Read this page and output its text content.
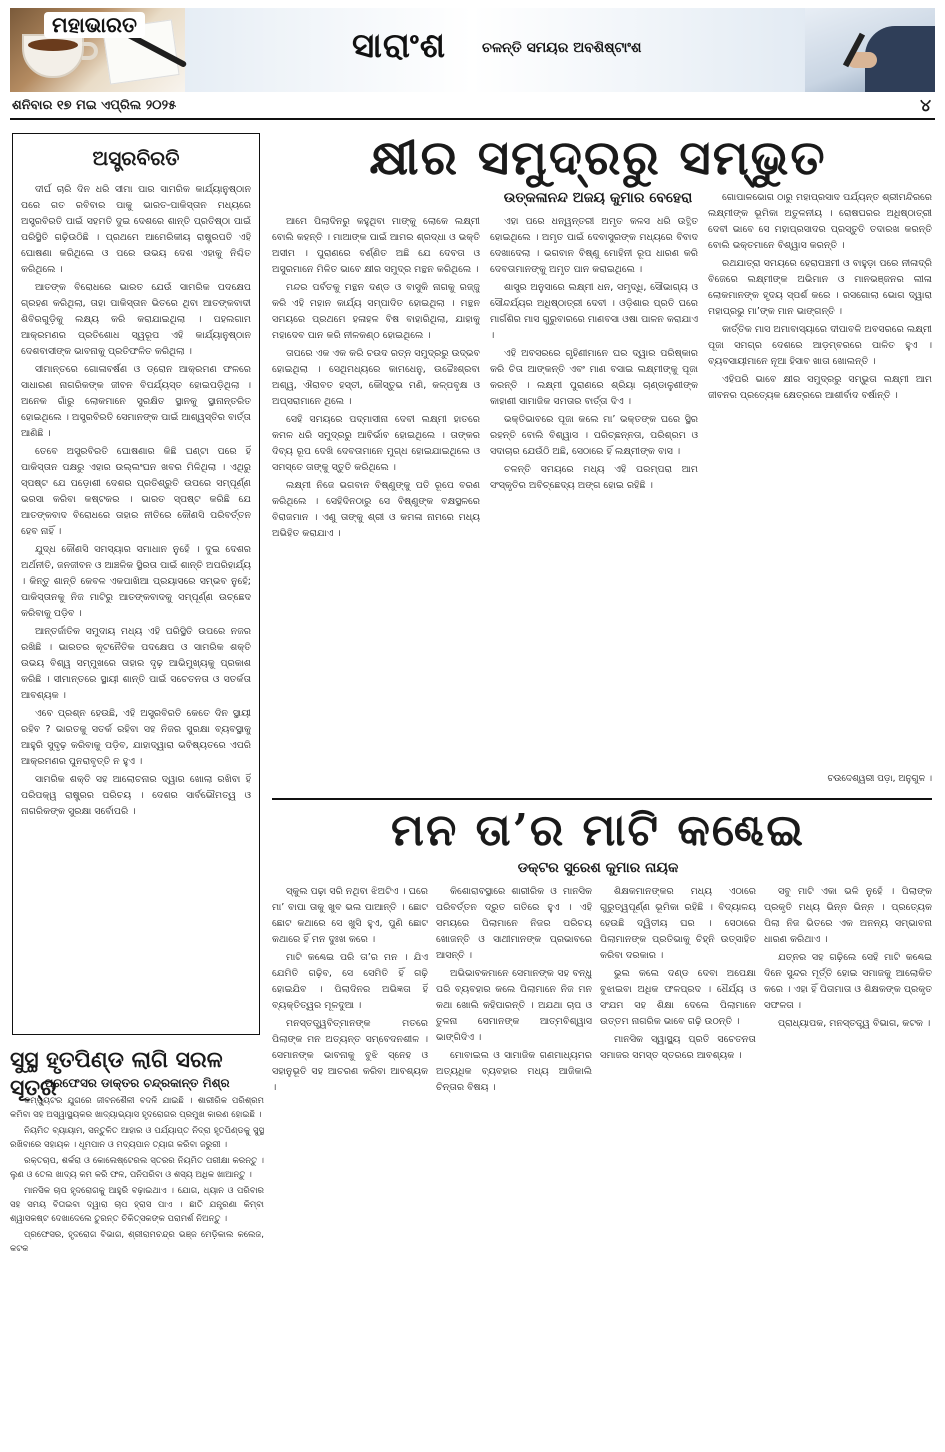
ମହାଭାରତ
ସାରାଂଶ	ଚଳନ୍ତି ସମୟର ଅବଶିଷ୍ଟାଂଶ
ଶନିବାର ୧୭ ମଇ ଏପ୍ରିଲ ୨୦୨୫	୪
ଅସ୍ତ୍ରବିରତି

ଦୀର୍ଘ ଚାରି ଦିନ ଧରି ସୀମା ପାର ସାମରିକ କାର୍ଯ୍ୟାନୁଷ୍ଠାନ ପରେ ଗତ ରବିବାର ପାକୁ ଭାରତ-ପାକିସ୍ତାନ ମଧ୍ୟରେ ଅସ୍ତ୍ରବିରତି ପାଇଁ ସହମତି ଦୁଇ ଦେଶରେ ଶାନ୍ତି ପ୍ରତିଷ୍ଠା ପାଇଁ ପରିସ୍ଥିତି ଗଢ଼ିଉଠିଛି । ପ୍ରଥମେ ଆମେରିକୀୟ ରାଷ୍ଟ୍ରପତି ଏହି ଘୋଷଣା କରିଥିଲେ ଓ ପରେ ଉଭୟ ଦେଶ ଏହାକୁ ନିଶ୍ଚିତ କରିଥିଲେ ।

ଆତଙ୍କ ବିରୋଧରେ ଭାରତ ଯେଉଁ ସାମରିକ ପଦକ୍ଷେପ ଗ୍ରହଣ କରିଥିଲା, ତାହା ପାକିସ୍ତାନ ଭିତରେ ଥିବା ଆତଙ୍କବାଦୀ ଶିବିରଗୁଡ଼ିକୁ ଲକ୍ଷ୍ୟ କରି କରାଯାଇଥିଲା । ପହଲଗାମ ଆକ୍ରମଣର ପ୍ରତିଶୋଧ ସ୍ୱରୂପ ଏହି କାର୍ଯ୍ୟାନୁଷ୍ଠାନ ଦେଶବାସୀଙ୍କ ଭାବନାକୁ ପ୍ରତିଫଳିତ କରିଥିଲା ।

ସୀମାନ୍ତରେ ଗୋଳାବର୍ଷଣ ଓ ଡ୍ରୋନ ଆକ୍ରମଣ ଫଳରେ ସାଧାରଣ ନାଗରିକଙ୍କ ଜୀବନ ବିପର୍ଯ୍ୟସ୍ତ ହୋଇପଡ଼ିଥିଲା । ଅନେକ ଗାଁରୁ ଲୋକମାନେ ସୁରକ୍ଷିତ ସ୍ଥାନକୁ ସ୍ଥାନାନ୍ତରିତ ହୋଇଥିଲେ । ଅସ୍ତ୍ରବିରତି ସେମାନଙ୍କ ପାଇଁ ଆଶ୍ୱସ୍ତିର ବାର୍ତ୍ତା ଆଣିଛି ।

ତେବେ ଅସ୍ତ୍ରବିରତି ଘୋଷଣାର କିଛି ଘଣ୍ଟା ପରେ ହିଁ ପାକିସ୍ତାନ ପକ୍ଷରୁ ଏହାର ଉଲ୍ଲଂଘନ ଖବର ମିଳିଥିଲା । ଏଥିରୁ ସ୍ପଷ୍ଟ ଯେ ପଡ଼ୋଶୀ ଦେଶର ପ୍ରତିଶ୍ରୁତି ଉପରେ ସମ୍ପୂର୍ଣ୍ଣ ଭରସା କରିବା କଷ୍ଟକର । ଭାରତ ସ୍ପଷ୍ଟ କରିଛି ଯେ ଆତଙ୍କବାଦ ବିରୋଧରେ ତାହାର ନୀତିରେ କୌଣସି ପରିବର୍ତ୍ତନ ହେବ ନାହିଁ ।

ଯୁଦ୍ଧ କୌଣସି ସମସ୍ୟାର ସମାଧାନ ନୁହେଁ । ଦୁଇ ଦେଶର ଅର୍ଥନୀତି, ଜନଜୀବନ ଓ ଆଞ୍ଚଳିକ ସ୍ଥିରତା ପାଇଁ ଶାନ୍ତି ଅପରିହାର୍ଯ୍ୟ । କିନ୍ତୁ ଶାନ୍ତି କେବଳ ଏକପାଖିଆ ପ୍ରୟାସରେ ସମ୍ଭବ ନୁହେଁ; ପାକିସ୍ତାନକୁ ନିଜ ମାଟିରୁ ଆତଙ୍କବାଦକୁ ସମ୍ପୂର୍ଣ୍ଣ ଉଚ୍ଛେଦ କରିବାକୁ ପଡ଼ିବ ।

ଆନ୍ତର୍ଜାତିକ ସମୁଦାୟ ମଧ୍ୟ ଏହି ପରିସ୍ଥିତି ଉପରେ ନଜର ରଖିଛି । ଭାରତର କୂଟନୈତିକ ପଦକ୍ଷେପ ଓ ସାମରିକ ଶକ୍ତି ଉଭୟ ବିଶ୍ୱ ସମ୍ମୁଖରେ ତାହାର ଦୃଢ଼ ଆଭିମୁଖ୍ୟକୁ ପ୍ରକାଶ କରିଛି । ସୀମାନ୍ତରେ ସ୍ଥାୟୀ ଶାନ୍ତି ପାଇଁ ସଚେତନତା ଓ ସତର୍କତା ଆବଶ୍ୟକ ।

ଏବେ ପ୍ରଶ୍ନ ହେଉଛି, ଏହି ଅସ୍ତ୍ରବିରତି କେତେ ଦିନ ସ୍ଥାୟୀ ରହିବ ? ଭାରତକୁ ସତର୍କ ରହିବା ସହ ନିଜର ସୁରକ୍ଷା ବ୍ୟବସ୍ଥାକୁ ଆହୁରି ସୁଦୃଢ଼ କରିବାକୁ ପଡ଼ିବ, ଯାହାଦ୍ୱାରା ଭବିଷ୍ୟତରେ ଏପରି ଆକ୍ରମଣର ପୁନରାବୃତ୍ତି ନ ହୁଏ ।

ସାମରିକ ଶକ୍ତି ସହ ଆଲୋଚନାର ଦ୍ୱାର ଖୋଲା ରଖିବା ହିଁ ପରିପକ୍ୱ ରାଷ୍ଟ୍ରର ପରିଚୟ । ଦେଶର ସାର୍ବଭୌମତ୍ୱ ଓ ନାଗରିକଙ୍କ ସୁରକ୍ଷା ସର୍ବୋପରି ।

କ୍ଷୀର ସମୁଦ୍ରରୁ ସମ୍ଭୁତ
ଉତ୍କଳାନନ୍ଦ ଅଜୟ କୁମାର ବେହେରା

ଆମେ ପିଲାଦିନରୁ କହୁଥିବା ମାଙ୍କୁ ଲୋକେ ଲକ୍ଷ୍ମୀ ବୋଲି କହନ୍ତି । ମାଆଙ୍କ ପାଇଁ ଆମର ଶ୍ରଦ୍ଧା ଓ ଭକ୍ତି ଅସୀମ । ପୁରାଣରେ ବର୍ଣ୍ଣିତ ଅଛି ଯେ ଦେବତା ଓ ଅସୁରମାନେ ମିଳିତ ଭାବେ କ୍ଷୀର ସମୁଦ୍ର ମନ୍ଥନ କରିଥିଲେ ।

ମନ୍ଦର ପର୍ବତକୁ ମନ୍ଥନ ଦଣ୍ଡ ଓ ବାସୁକି ନାଗକୁ ରଜ୍ଜୁ କରି ଏହି ମହାନ କାର୍ଯ୍ୟ ସମ୍ପାଦିତ ହୋଇଥିଲା । ମନ୍ଥନ ସମୟରେ ପ୍ରଥମେ ହଳାହଳ ବିଷ ବାହାରିଥିଲା, ଯାହାକୁ ମହାଦେବ ପାନ କରି ନୀଳକଣ୍ଠ ହୋଇଥିଲେ ।

ତାପରେ ଏକ ଏକ କରି ଚଉଦ ରତ୍ନ ସମୁଦ୍ରରୁ ଉଦ୍ଭବ ହୋଇଥିଲା । ସେଥିମଧ୍ୟରେ କାମଧେନୁ, ଉଚ୍ଚୈଃଶ୍ରବା ଅଶ୍ୱ, ଐରାବତ ହସ୍ତୀ, କୌସ୍ତୁଭ ମଣି, କଳ୍ପବୃକ୍ଷ ଓ ଅପ୍ସରାମାନେ ଥିଲେ ।

ସେହି ସମୟରେ ପଦ୍ମାସୀନା ଦେବୀ ଲକ୍ଷ୍ମୀ ହାତରେ କମଳ ଧରି ସମୁଦ୍ରରୁ ଆବିର୍ଭାବ ହୋଇଥିଲେ । ତାଙ୍କର ଦିବ୍ୟ ରୂପ ଦେଖି ଦେବତାମାନେ ମୁଗ୍ଧ ହୋଇଯାଇଥିଲେ ଓ ସମସ୍ତେ ତାଙ୍କୁ ସ୍ତୁତି କରିଥିଲେ ।

ଲକ୍ଷ୍ମୀ ନିଜେ ଭଗବାନ ବିଷ୍ଣୁଙ୍କୁ ପତି ରୂପେ ବରଣ କରିଥିଲେ । ସେହିଦିନଠାରୁ ସେ ବିଷ୍ଣୁଙ୍କ ବକ୍ଷସ୍ଥଳରେ ବିରାଜମାନ । ଏଣୁ ତାଙ୍କୁ ଶ୍ରୀ ଓ କମଳା ନାମରେ ମଧ୍ୟ ଅଭିହିତ କରାଯାଏ ।

ଏହା ପରେ ଧନ୍ୱନ୍ତରୀ ଅମୃତ କଳସ ଧରି ଉତ୍ଥିତ ହୋଇଥିଲେ । ଅମୃତ ପାଇଁ ଦେବାସୁରଙ୍କ ମଧ୍ୟରେ ବିବାଦ ଦେଖାଦେଲା । ଭଗବାନ ବିଷ୍ଣୁ ମୋହିନୀ ରୂପ ଧାରଣ କରି ଦେବତାମାନଙ୍କୁ ଅମୃତ ପାନ କରାଇଥିଲେ ।

ଶାସ୍ତ୍ର ଅନୁସାରେ ଲକ୍ଷ୍ମୀ ଧନ, ସମୃଦ୍ଧି, ସୌଭାଗ୍ୟ ଓ ସୌନ୍ଦର୍ଯ୍ୟର ଅଧିଷ୍ଠାତ୍ରୀ ଦେବୀ । ଓଡ଼ିଶାର ପ୍ରତି ଘରେ ମାର୍ଗଶିର ମାସ ଗୁରୁବାରରେ ମାଣବସା ଓଷା ପାଳନ କରାଯାଏ ।

ଏହି ଅବସରରେ ଗୃହିଣୀମାନେ ଘର ଦ୍ୱାର ପରିଷ୍କାର କରି ଚିତା ଆଙ୍କନ୍ତି ଏବଂ ମାଣ ବସାଇ ଲକ୍ଷ୍ମୀଙ୍କୁ ପୂଜା କରନ୍ତି । ଲକ୍ଷ୍ମୀ ପୁରାଣରେ ଶ୍ରିୟା ଚାଣ୍ଡାଳୁଣୀଙ୍କ କାହାଣୀ ସାମାଜିକ ସମତାର ବାର୍ତ୍ତା ଦିଏ ।

ଭକ୍ତିଭାବରେ ପୂଜା କଲେ ମା’ ଭକ୍ତଙ୍କ ଘରେ ସ୍ଥିର ରହନ୍ତି ବୋଲି ବିଶ୍ୱାସ । ପରିଚ୍ଛନ୍ନତା, ପରିଶ୍ରମ ଓ ସଦାଚାର ଯେଉଁଠି ଅଛି, ସେଠାରେ ହିଁ ଲକ୍ଷ୍ମୀଙ୍କ ବାସ ।

ଚଳନ୍ତି ସମୟରେ ମଧ୍ୟ ଏହି ପରମ୍ପରା ଆମ ସଂସ୍କୃତିର ଅବିଚ୍ଛେଦ୍ୟ ଅଙ୍ଗ ହୋଇ ରହିଛି ।

ଗୋପାଳଭୋଗ ଠାରୁ ମହାପ୍ରସାଦ ପର୍ଯ୍ୟନ୍ତ ଶ୍ରୀମନ୍ଦିରରେ ଲକ୍ଷ୍ମୀଙ୍କ ଭୂମିକା ଅତୁଳନୀୟ । ରୋଷଘରର ଅଧିଷ୍ଠାତ୍ରୀ ଦେବୀ ଭାବେ ସେ ମହାପ୍ରସାଦର ପ୍ରସ୍ତୁତି ତଦାରଖ କରନ୍ତି ବୋଲି ଭକ୍ତମାନେ ବିଶ୍ୱାସ କରନ୍ତି ।

ରଥଯାତ୍ରା ସମୟରେ ହେରାପଞ୍ଚମୀ ଓ ବାହୁଡ଼ା ପରେ ନୀଳାଦ୍ରି ବିଜେରେ ଲକ୍ଷ୍ମୀଙ୍କ ଅଭିମାନ ଓ ମାନଭଞ୍ଜନର ଲୀଳା ଲୋକମାନଙ୍କ ହୃଦୟ ସ୍ପର୍ଶ କରେ । ରସଗୋଲା ଭୋଗ ଦ୍ୱାରା ମହାପ୍ରଭୁ ମା’ଙ୍କ ମାନ ଭାଙ୍ଗନ୍ତି ।

କାର୍ତ୍ତିକ ମାସ ଅମାବାସ୍ୟାରେ ଦୀପାବଳି ଅବସରରେ ଲକ୍ଷ୍ମୀ ପୂଜା ସମଗ୍ର ଦେଶରେ ଆଡ଼ମ୍ବରରେ ପାଳିତ ହୁଏ । ବ୍ୟବସାୟୀମାନେ ନୂଆ ହିସାବ ଖାତା ଖୋଲନ୍ତି ।

ଏହିପରି ଭାବେ କ୍ଷୀର ସମୁଦ୍ରରୁ ସମ୍ଭୁତା ଲକ୍ଷ୍ମୀ ଆମ ଜୀବନର ପ୍ରତ୍ୟେକ କ୍ଷେତ୍ରରେ ଆଶୀର୍ବାଦ ବର୍ଷାନ୍ତି ।

ଚଉଦେଶ୍ୱରୀ ପଡ଼ା, ଅନୁଗୁଳ ।
ମନ ତା’ର ମାଟି କଣ୍ଢେଇ
ଡକ୍ଟର ସୁରେଶ କୁମାର ନାୟକ

ସ୍କୁଲ ପଢ଼ା ସରି ନଥିବା ଝିଅଟିଏ । ଘରେ ମା’ ବାପା ତାକୁ ଖୁବ ଭଲ ପାଆନ୍ତି । ଛୋଟ ଛୋଟ କଥାରେ ସେ ଖୁସି ହୁଏ, ପୁଣି ଛୋଟ କଥାରେ ହିଁ ମନ ଦୁଃଖ କରେ ।

ମାଟି କଣ୍ଢେଇ ପରି ତା’ର ମନ । ଯିଏ ଯେମିତି ଗଢ଼ିବ, ସେ ସେମିତି ହିଁ ଗଢ଼ି ହୋଇଯିବ । ପିଲାଦିନର ଅଭିଜ୍ଞତା ହିଁ ବ୍ୟକ୍ତିତ୍ୱର ମୂଳଦୁଆ ।

ମନସ୍ତତ୍ତ୍ୱବିତ୍‌ମାନଙ୍କ ମତରେ ପିଲାଙ୍କ ମନ ଅତ୍ୟନ୍ତ ସମ୍ବେଦନଶୀଳ । ସେମାନଙ୍କ ଭାବନାକୁ ବୁଝି ସ୍ନେହ ଓ ସହାନୁଭୂତି ସହ ଆଚରଣ କରିବା ଆବଶ୍ୟକ ।

କିଶୋରାବସ୍ଥାରେ ଶାରୀରିକ ଓ ମାନସିକ ପରିବର୍ତ୍ତନ ଦ୍ରୁତ ଗତିରେ ହୁଏ । ଏହି ସମୟରେ ପିଲାମାନେ ନିଜର ପରିଚୟ ଖୋଜନ୍ତି ଓ ସାଥୀମାନଙ୍କ ପ୍ରଭାବରେ ଆସନ୍ତି ।

ଅଭିଭାବକମାନେ ସେମାନଙ୍କ ସହ ବନ୍ଧୁ ପରି ବ୍ୟବହାର କଲେ ପିଲାମାନେ ନିଜ ମନ କଥା ଖୋଲି କହିପାରନ୍ତି । ଅଯଥା ଚାପ ଓ ତୁଳନା ସେମାନଙ୍କ ଆତ୍ମବିଶ୍ୱାସ ଭାଙ୍ଗିଦିଏ ।

ମୋବାଇଲ ଓ ସାମାଜିକ ଗଣମାଧ୍ୟମର ଅତ୍ୟଧିକ ବ୍ୟବହାର ମଧ୍ୟ ଆଜିକାଲି ଚିନ୍ତାର ବିଷୟ ।

ଶିକ୍ଷକମାନଙ୍କର ମଧ୍ୟ ଏଠାରେ ଗୁରୁତ୍ୱପୂର୍ଣ୍ଣ ଭୂମିକା ରହିଛି । ବିଦ୍ୟାଳୟ ହେଉଛି ଦ୍ୱିତୀୟ ଘର । ସେଠାରେ ପିଲାମାନଙ୍କ ପ୍ରତିଭାକୁ ଚିହ୍ନି ଉତ୍ସାହିତ କରିବା ଦରକାର ।

ଭୁଲ କଲେ ଦଣ୍ଡ ଦେବା ଅପେକ୍ଷା ବୁଝାଇବା ଅଧିକ ଫଳପ୍ରଦ । ଧୈର୍ଯ୍ୟ ଓ ସଂଯମ ସହ ଶିକ୍ଷା ଦେଲେ ପିଲାମାନେ ଉତ୍ତମ ନାଗରିକ ଭାବେ ଗଢ଼ି ଉଠନ୍ତି ।

ମାନସିକ ସ୍ୱାସ୍ଥ୍ୟ ପ୍ରତି ସଚେତନତା ସମାଜର ସମସ୍ତ ସ୍ତରରେ ଆବଶ୍ୟକ ।

ସବୁ ମାଟି ଏକା ଭଳି ନୁହେଁ । ପିଲାଙ୍କ ପ୍ରକୃତି ମଧ୍ୟ ଭିନ୍ନ ଭିନ୍ନ । ପ୍ରତ୍ୟେକ ପିଲା ନିଜ ଭିତରେ ଏକ ଅନନ୍ୟ ସମ୍ଭାବନା ଧାରଣ କରିଥାଏ ।

ଯତ୍ନର ସହ ଗଢ଼ିଲେ ସେହି ମାଟି କଣ୍ଢେଇ ଦିନେ ସୁନ୍ଦର ମୂର୍ତ୍ତି ହୋଇ ସମାଜକୁ ଆଲୋକିତ କରେ । ଏହା ହିଁ ପିତାମାତା ଓ ଶିକ୍ଷକଙ୍କ ପ୍ରକୃତ ସଫଳତା ।

ପ୍ରାଧ୍ୟାପକ, ମନସ୍ତତ୍ତ୍ୱ ବିଭାଗ, କଟକ ।

ସୁସ୍ଥ ହୃତପିଣ୍ଡ ଲାଗି ସରଳ ସୂତ୍ର
ପ୍ରଫେସର ଡାକ୍ତର ଚନ୍ଦ୍ରକାନ୍ତ ମିଶ୍ର

କମ୍ପ୍ୟୁଟର ଯୁଗରେ ଜୀବନଶୈଳୀ ବଦଳି ଯାଇଛି । ଶାରୀରିକ ପରିଶ୍ରମ କମିବା ସହ ଅସ୍ୱାସ୍ଥ୍ୟକର ଖାଦ୍ୟାଭ୍ୟାସ ହୃଦରୋଗର ପ୍ରମୁଖ କାରଣ ହୋଇଛି ।

ନିୟମିତ ବ୍ୟାୟାମ, ସନ୍ତୁଳିତ ଆହାର ଓ ପର୍ଯ୍ୟାପ୍ତ ନିଦ୍ରା ହୃତପିଣ୍ଡକୁ ସୁସ୍ଥ ରଖିବାରେ ସହାୟକ । ଧୂମପାନ ଓ ମଦ୍ୟପାନ ତ୍ୟାଗ କରିବା ଜରୁରୀ ।

ରକ୍ତଚାପ, ଶର୍କରା ଓ କୋଲେଷ୍ଟେରଲ ସ୍ତରର ନିୟମିତ ପରୀକ୍ଷା କରନ୍ତୁ । ଲୁଣ ଓ ତେଲ ଖାଦ୍ୟ କମ କରି ଫଳ, ପନିପରିବା ଓ ଶସ୍ୟ ଅଧିକ ଖାଆନ୍ତୁ ।

ମାନସିକ ଚାପ ହୃଦରୋଗକୁ ଆହୁରି ବଢ଼ାଇଥାଏ । ଯୋଗ, ଧ୍ୟାନ ଓ ପରିବାର ସହ ସମୟ ବିତାଇବା ଦ୍ୱାରା ଚାପ ହ୍ରାସ ପାଏ । ଛାତି ଯନ୍ତ୍ରଣା କିମ୍ବା ଶ୍ୱାସକଷ୍ଟ ଦେଖାଦେଲେ ତୁରନ୍ତ ଚିକିତ୍ସକଙ୍କ ପରାମର୍ଶ ନିଅନ୍ତୁ ।

ପ୍ରଫେସର, ହୃଦରୋଗ ବିଭାଗ, ଶ୍ରୀରାମଚନ୍ଦ୍ର ଭଞ୍ଜ ମେଡ଼ିକାଲ କଲେଜ, କଟକ
